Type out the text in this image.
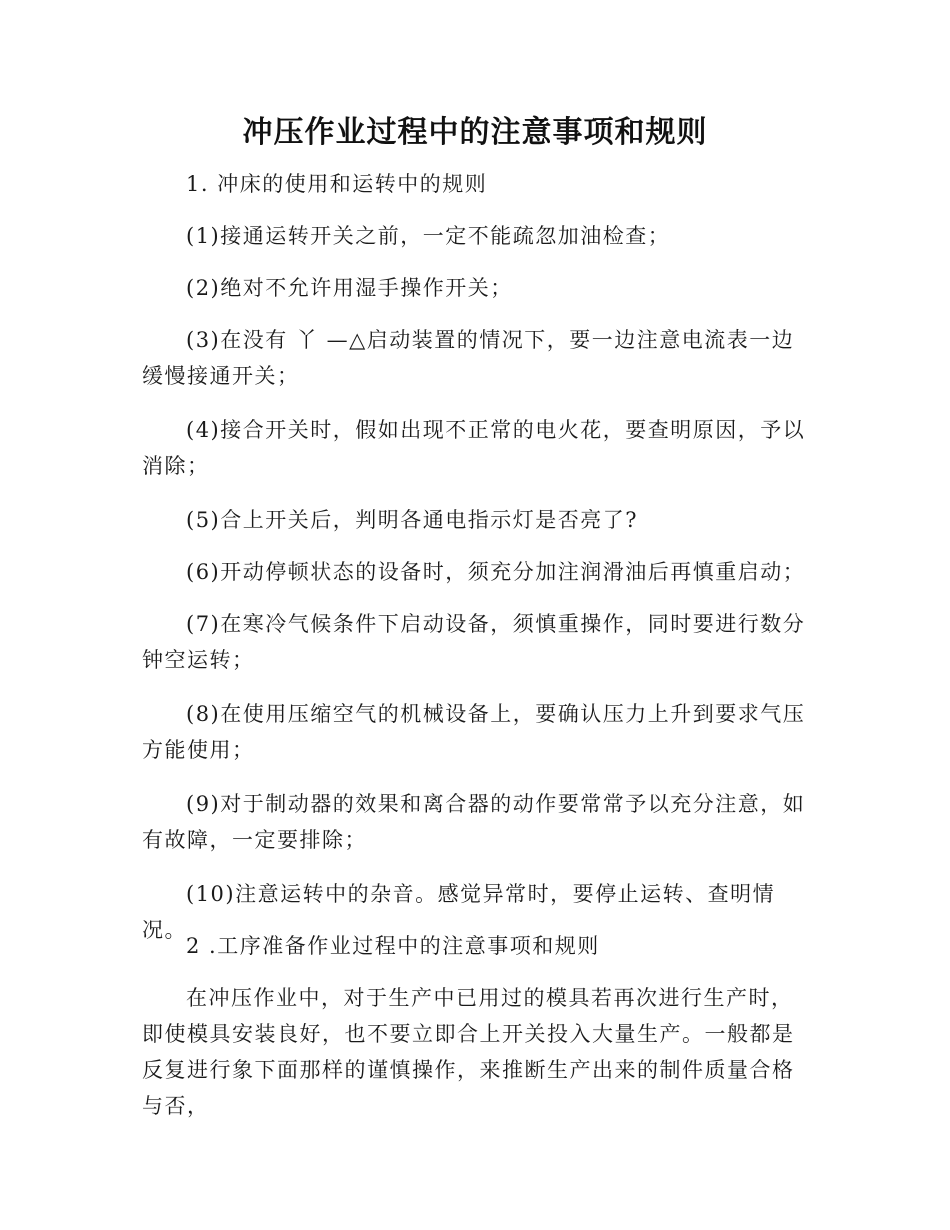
冲压作业过程中的注意事项和规则
1. 冲床的使用和运转中的规则
(1)接通运转开关之前，一定不能疏忽加油检查；
(2)绝对不允许用湿手操作开关；
(3)在没有 丫 —△启动装置的情况下，要一边注意电流表一边缓慢接通开关；
(4)接合开关时，假如出现不正常的电火花，要查明原因，予以消除；
(5)合上开关后，判明各通电指示灯是否亮了?
(6)开动停顿状态的设备时，须充分加注润滑油后再慎重启动；
(7)在寒冷气候条件下启动设备，须慎重操作，同时要进行数分钟空运转；
(8)在使用压缩空气的机械设备上，要确认压力上升到要求气压方能使用；
(9)对于制动器的效果和离合器的动作要常常予以充分注意，如有故障，一定要排除；
(10)注意运转中的杂音。感觉异常时，要停止运转、查明情况。
2 .工序准备作业过程中的注意事项和规则
在冲压作业中，对于生产中已用过的模具若再次进行生产时，即使模具安装良好，也不要立即合上开关投入大量生产。一般都是反复进行象下面那样的谨慎操作，来推断生产出来的制件质量合格与否，
